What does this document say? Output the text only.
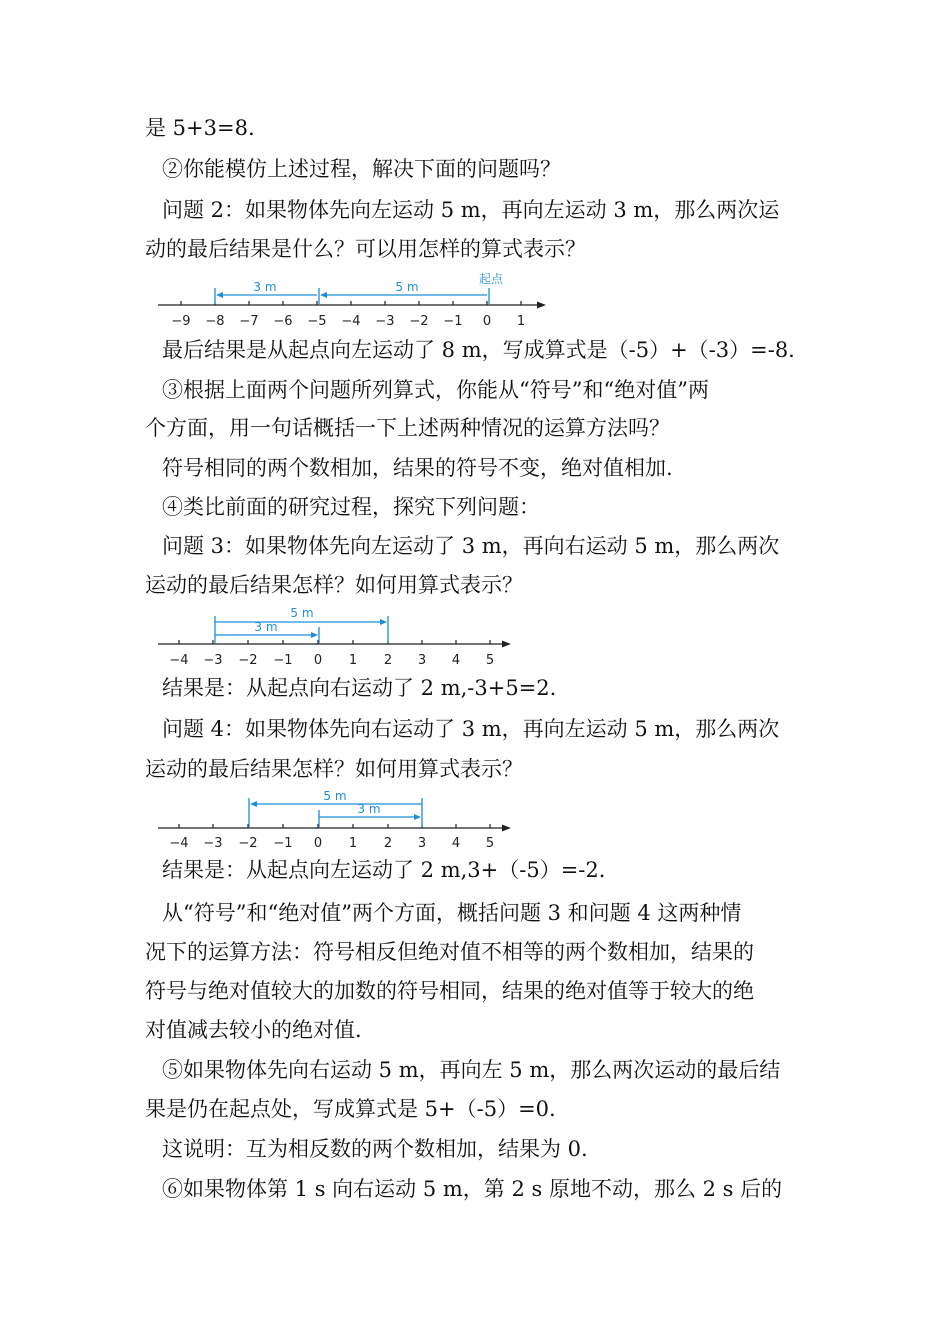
是 5+3=8.
②你能模仿上述过程，解决下面的问题吗？
问题 2：如果物体先向左运动 5 m，再向左运动 3 m，那么两次运
动的最后结果是什么？可以用怎样的算式表示？
−9 −8 −7 −6 −5 −4 −3 −2 −1 0 1
3 m	5 m
起点
最后结果是从起点向左运动了 8 m，写成算式是（-5）+（-3）=-8.
③根据上面两个问题所列算式，你能从“符号”和“绝对值”两
个方面，用一句话概括一下上述两种情况的运算方法吗？
符号相同的两个数相加，结果的符号不变，绝对值相加.
④类比前面的研究过程，探究下列问题：
问题 3：如果物体先向左运动了 3 m，再向右运动 5 m，那么两次
运动的最后结果怎样？如何用算式表示？
−4 −3 −2 −1 0 1 2 3 4 5
5 m
3 m
结果是：从起点向右运动了 2 m,-3+5=2.
问题 4：如果物体先向右运动了 3 m，再向左运动 5 m，那么两次
运动的最后结果怎样？如何用算式表示？
−4 −3 −2 −1 0 1 2 3 4 5
5 m
3 m
结果是：从起点向左运动了 2 m,3+（-5）=-2.
从“符号”和“绝对值”两个方面，概括问题 3 和问题 4 这两种情
况下的运算方法：符号相反但绝对值不相等的两个数相加，结果的
符号与绝对值较大的加数的符号相同，结果的绝对值等于较大的绝
对值减去较小的绝对值.
⑤如果物体先向右运动 5 m，再向左 5 m，那么两次运动的最后结
果是仍在起点处，写成算式是 5+（-5）=0.
这说明：互为相反数的两个数相加，结果为 0.
⑥如果物体第 1 s 向右运动 5 m，第 2 s 原地不动，那么 2 s 后的
